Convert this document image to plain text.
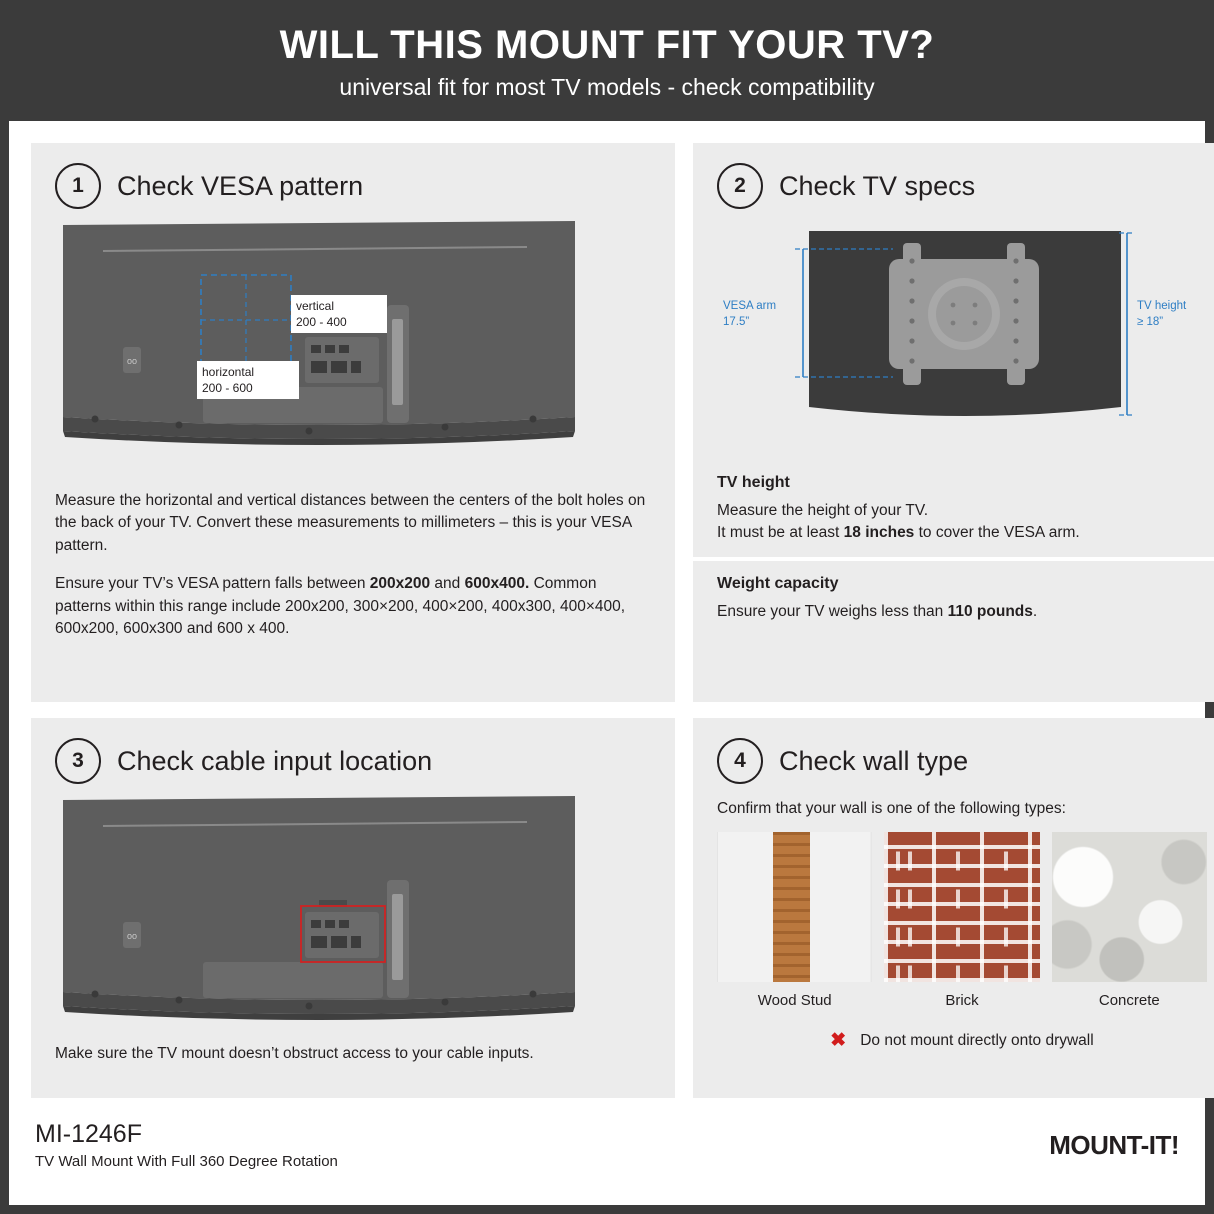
WILL THIS MOUNT FIT YOUR TV?
universal fit for most TV models - check compatibility
1	Check VESA pattern
oo
vertical
200 - 400
horizontal
200 - 600

Measure the horizontal and vertical distances between the centers of the bolt holes on the back of your TV. Convert these measurements to millimeters – this is your VESA pattern.

Ensure your TV’s VESA pattern falls between 200x200 and 600x400. Common patterns within this range include 200x200, 300×200, 400×200, 400x300, 400×400, 600x200, 600x300 and 600 x 400.

2	Check TV specs
VESA arm
17.5”
TV height
≥ 18”
TV height
Measure the height of your TV.
It must be at least 18 inches to cover the VESA arm.
Weight capacity
Ensure your TV weighs less than 110 pounds.
3	Check cable input location
oo
Make sure the TV mount doesn’t obstruct access to your cable inputs.
4	Check wall type
Confirm that your wall is one of the following types:
Wood Stud	Brick	Concrete
✖ Do not mount directly onto drywall

MI-1246F

TV Wall Mount With Full 360 Degree Rotation

MOUNT-IT!
